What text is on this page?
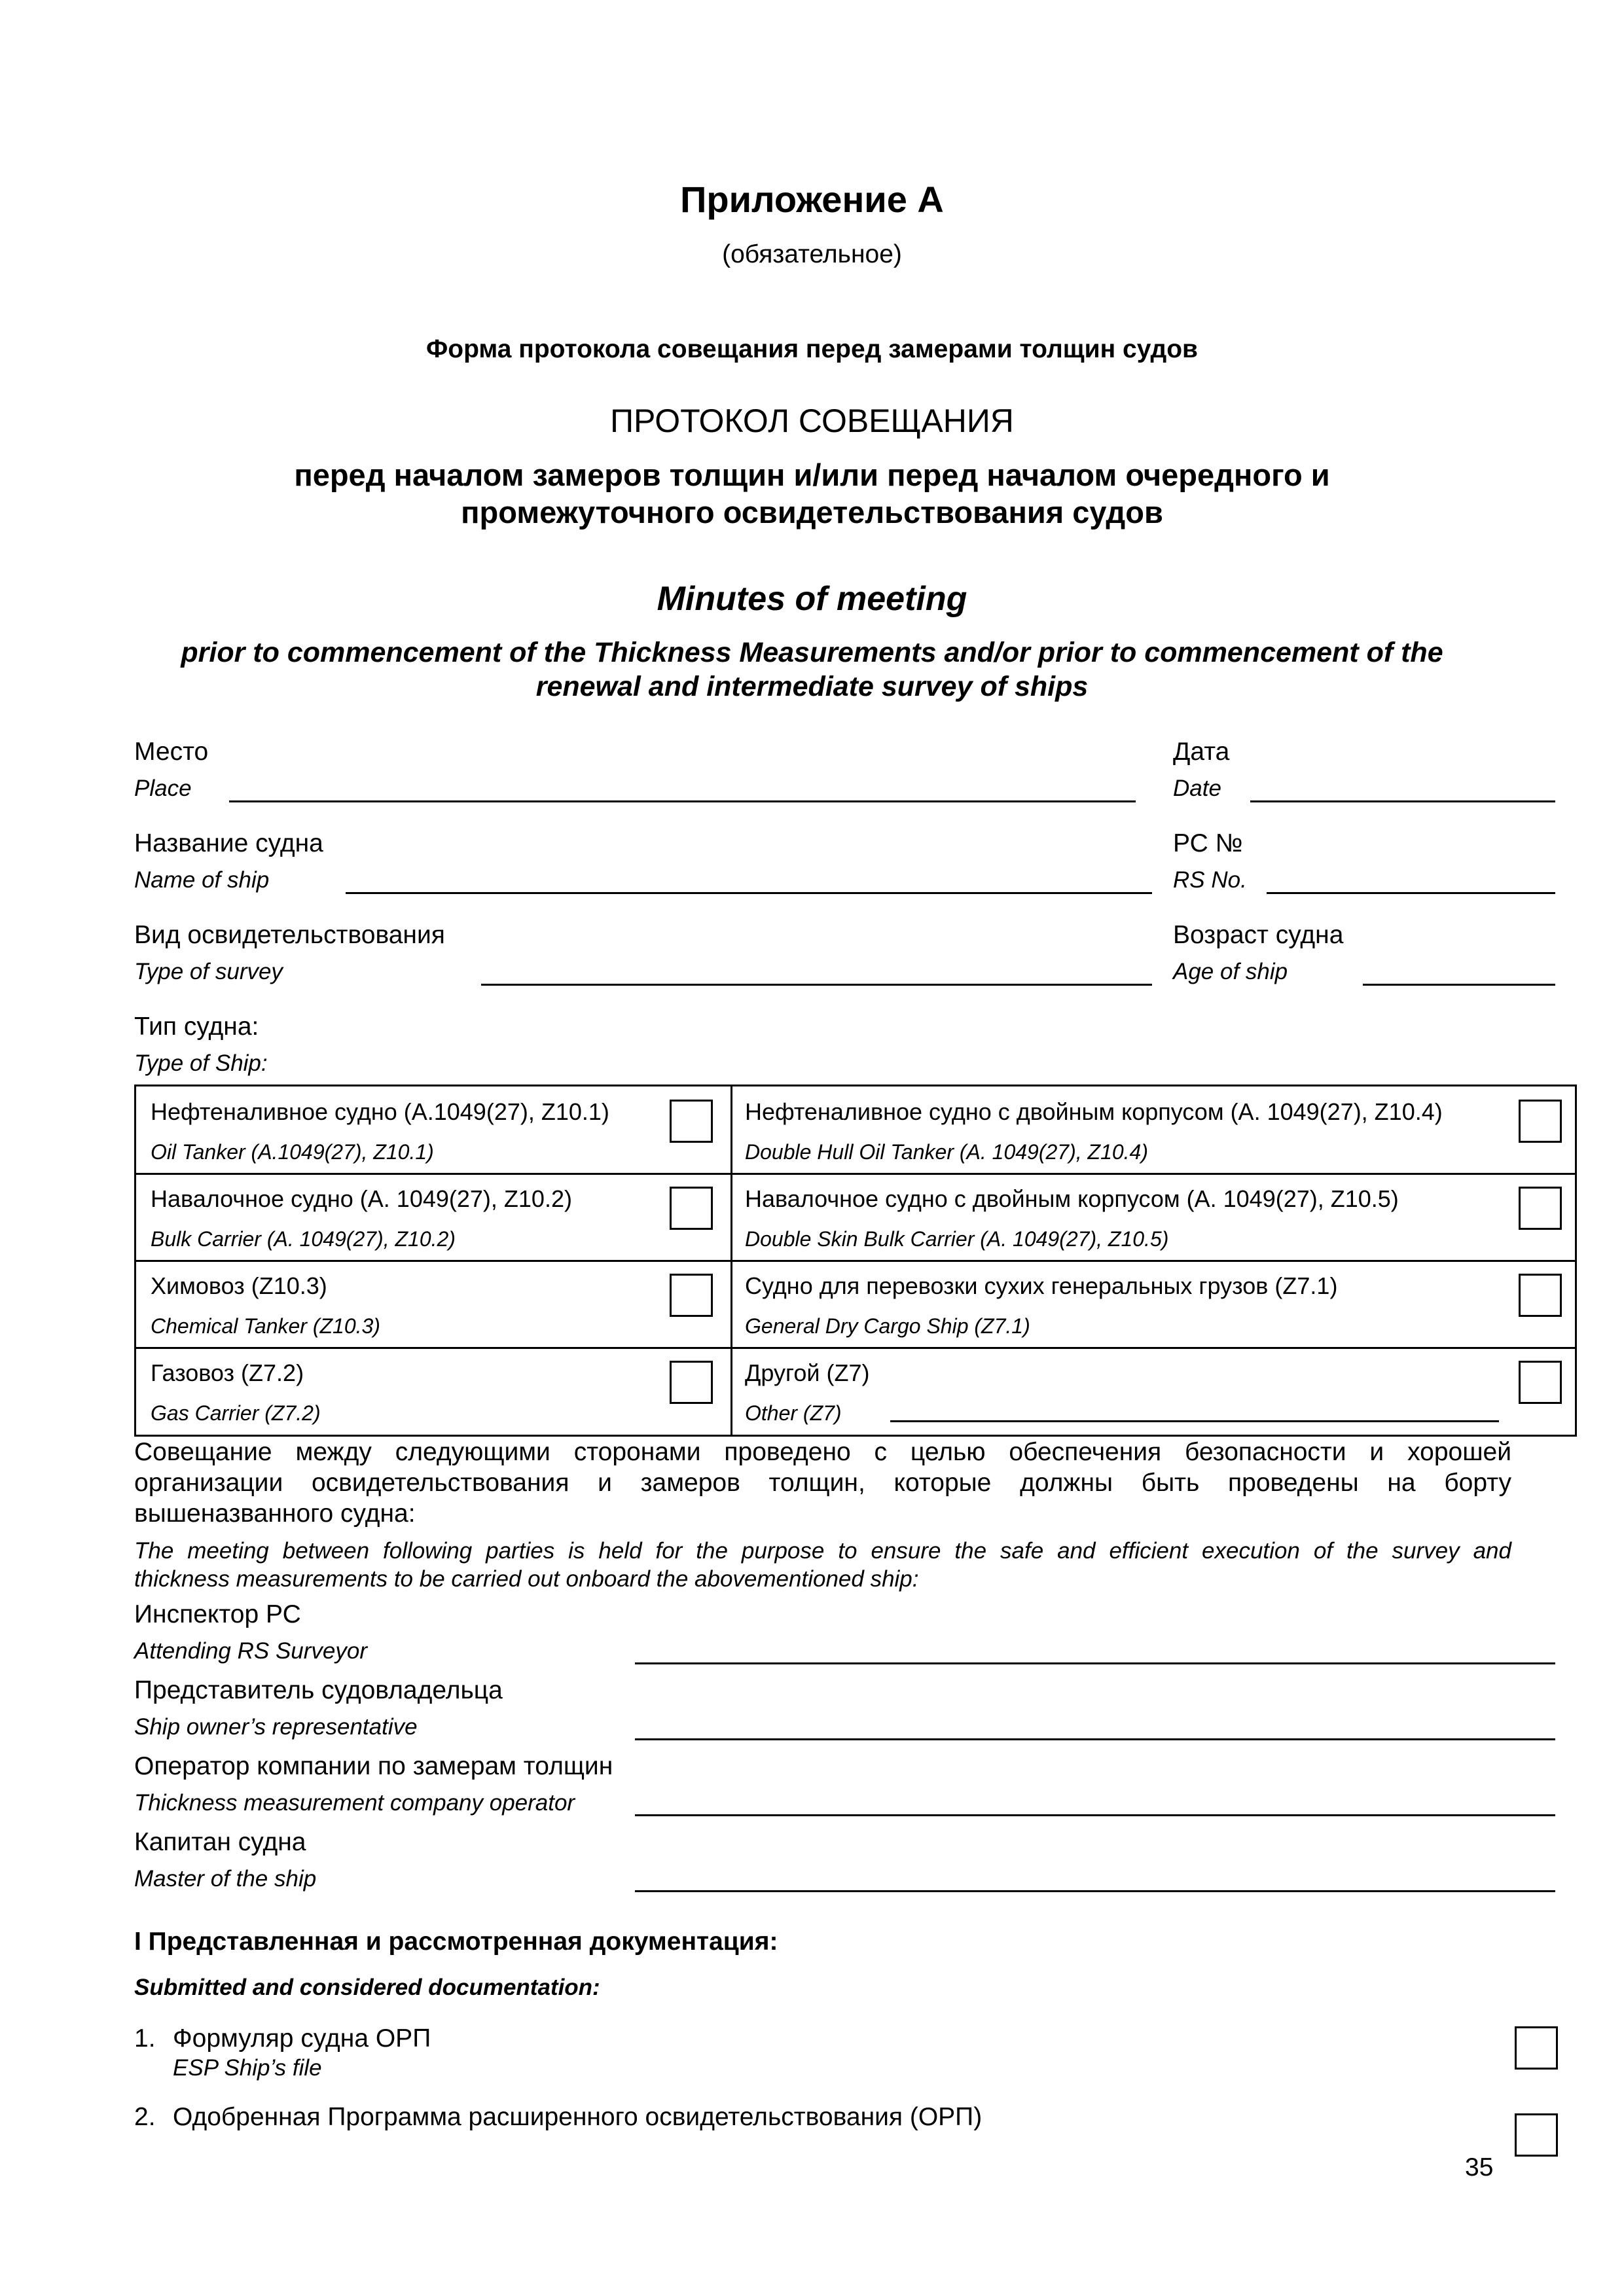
Приложение А
(обязательное)
Форма протокола совещания перед замерами толщин судов
ПРОТОКОЛ СОВЕЩАНИЯ
перед началом замеров толщин и/или перед началом очередного и
промежуточного освидетельствования судов
Minutes of meeting
prior to commencement of the Thickness Measurements and/or prior to commencement of the
renewal and intermediate survey of ships
Место
Place
Дата
Date
Название судна
Name of ship
РС №
RS No.
Вид освидетельствования
Type of survey
Возраст судна
Age of ship
Тип судна:
Type of Ship:
Нефтеналивное судно (А.1049(27), Z10.1)
Oil Tanker (A.1049(27), Z10.1)
Нефтеналивное судно с двойным корпусом (А. 1049(27), Z10.4)
Double Hull Oil Tanker (A. 1049(27), Z10.4)
Навалочное судно (А. 1049(27), Z10.2)
Bulk Carrier (A. 1049(27), Z10.2)
Навалочное судно с двойным корпусом (А. 1049(27), Z10.5)
Double Skin Bulk Carrier (A. 1049(27), Z10.5)
Химовоз (Z10.3)
Chemical Tanker (Z10.3)
Судно для перевозки сухих генеральных грузов (Z7.1)
General Dry Cargo Ship (Z7.1)
Газовоз (Z7.2)
Gas Carrier (Z7.2)
Другой (Z7)
Other (Z7)
Совещание между следующими сторонами проведено с целью обеспечения безопасности и хорошей
организации освидетельствования и замеров толщин, которые должны быть проведены на борту
вышеназванного судна:
The meeting between following parties is held for the purpose to ensure the safe and efficient execution of the survey and
thickness measurements to be carried out onboard the abovementioned ship:
Инспектор РС
Attending RS Surveyor
Представитель судовладельца
Ship owner’s representative
Оператор компании по замерам толщин
Thickness measurement company operator
Капитан судна
Master of the ship
I Представленная и рассмотренная документация:
Submitted and considered documentation:
1. Формуляр судна ОРП
ESP Ship’s file
2. Одобренная Программа расширенного освидетельствования (ОРП)
35
